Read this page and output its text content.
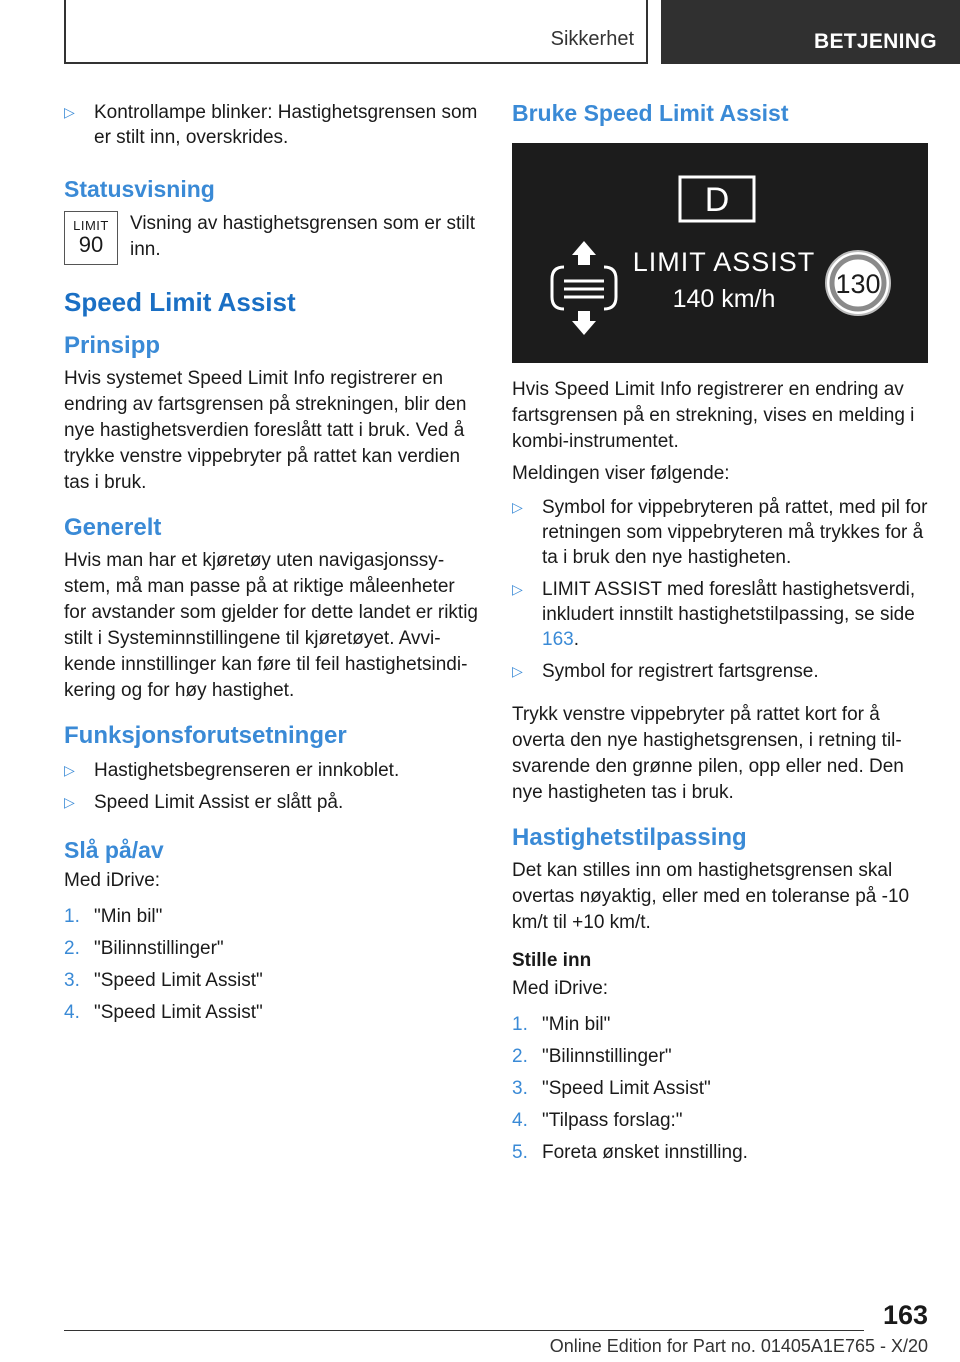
Sikkerhet	BETJENING
▷ Kontrollampe blinker: Hastighetsgrensen som er stilt inn, overskrides.
Statusvisning
LIMIT
90

Visning av hastighetsgrensen som er stilt inn.

Speed Limit Assist
Prinsipp

Hvis systemet Speed Limit Info registrerer en endring av fartsgrensen på strekningen, blir den nye hastighetsverdien foreslått tatt i bruk. Ved å trykke venstre vippebryter på rattet kan verdien tas i bruk.

Generelt

Hvis man har et kjøretøy uten navigasjonssystem, må man passe på at riktige måleenheter for avstander som gjelder for dette landet er riktig stilt i Systeminnstillingene til kjøretøyet. Avvikende innstillinger kan føre til feil hastighetsindikering og for høy hastighet.

Funksjonsforutsetninger
▷ Hastighetsbegrenseren er innkoblet.
▷ Speed Limit Assist er slått på.
Slå på/av

Med iDrive:

1. "Min bil"
2. "Bilinnstillinger"
3. "Speed Limit Assist"
4. "Speed Limit Assist"
Bruke Speed Limit Assist
D
LIMIT ASSIST
140 km/h 130

Hvis Speed Limit Info registrerer en endring av fartsgrensen på en strekning, vises en melding i kombi-instrumentet.

Meldingen viser følgende:

▷ Symbol for vippebryteren på rattet, med pil for retningen som vippebryteren må trykkes for å ta i bruk den nye hastigheten.
▷ LIMIT ASSIST med foreslått hastighetsverdi, inkludert innstilt hastighetstilpassing, se side 163.
▷ Symbol for registrert fartsgrense.

Trykk venstre vippebryter på rattet kort for å overta den nye hastighetsgrensen, i retning tilsvarende den grønne pilen, opp eller ned. Den nye hastigheten tas i bruk.

Hastighetstilpassing

Det kan stilles inn om hastighetsgrensen skal overtas nøyaktig, eller med en toleranse på -10 km/t til +10 km/t.

Stille inn

Med iDrive:

1. "Min bil"
2. "Bilinnstillinger"
3. "Speed Limit Assist"
4. "Tilpass forslag:"
5. Foreta ønsket innstilling.
163
Online Edition for Part no. 01405A1E765 - X/20
